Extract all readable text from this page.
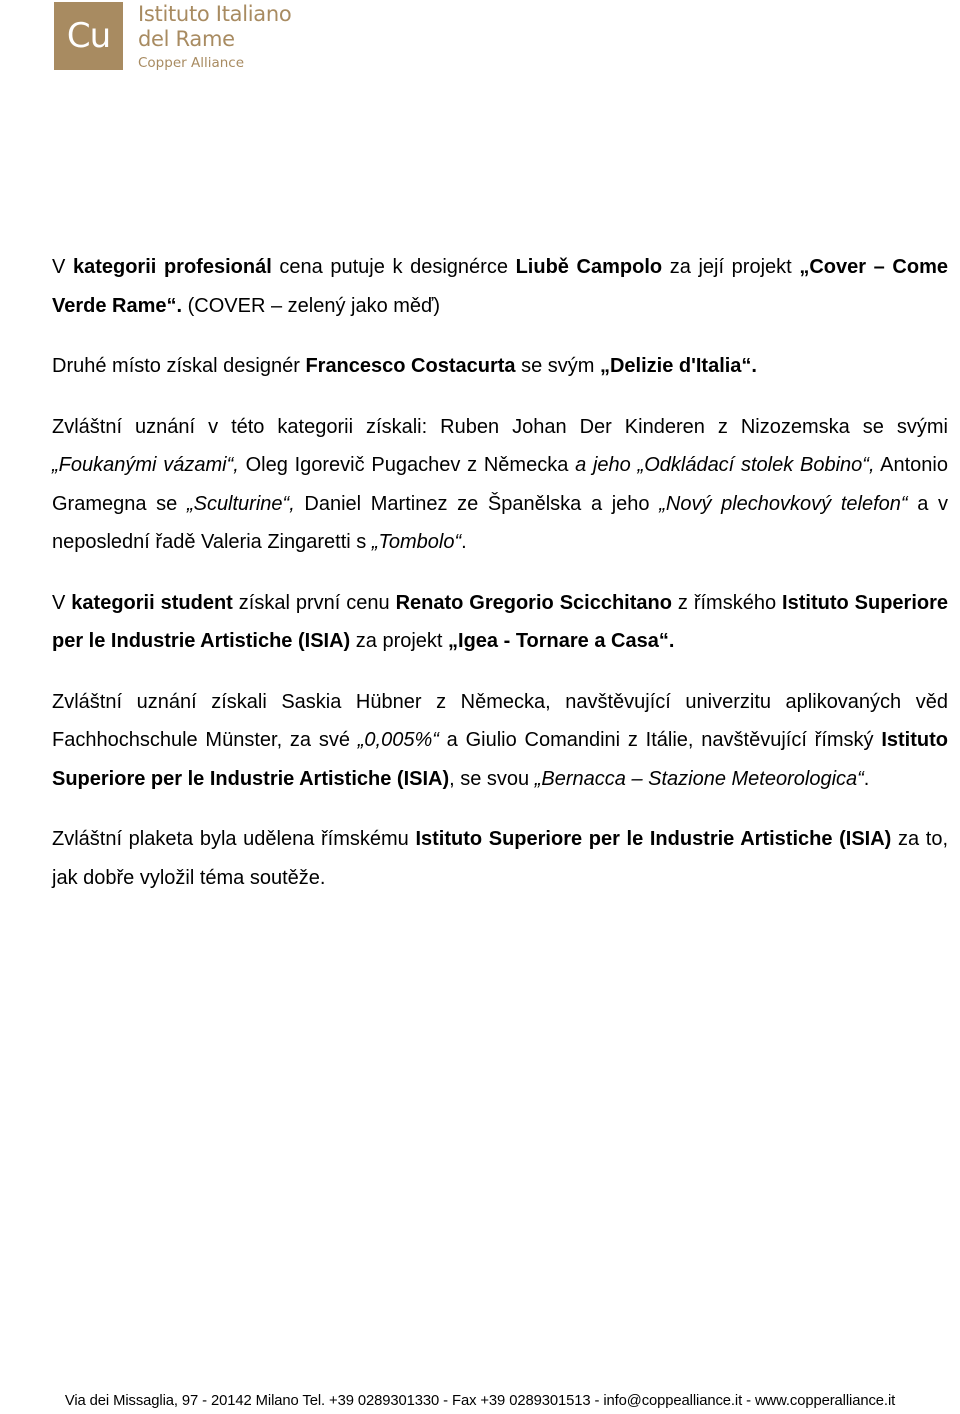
Cu
Istituto Italiano
del Rame
Copper Alliance

V kategorii profesionál cena putuje k designérce Liubě Campolo za její projekt „Cover – Come Verde Rame“. (COVER – zelený jako měď)

Druhé místo získal designér Francesco Costacurta se svým „Delizie d'Italia“.

Zvláštní uznání v této kategorii získali: Ruben Johan Der Kinderen z Nizozemska se svými „Foukanými vázami“, Oleg Igorevič Pugachev z Německa a jeho „Odkládací stolek Bobino“, Antonio Gramegna se „Sculturine“, Daniel Martinez ze Španělska a jeho „Nový plechovkový telefon“ a v neposlední řadě Valeria Zingaretti s „Tombolo“.

V kategorii student získal první cenu Renato Gregorio Scicchitano z římského Istituto Superiore per le Industrie Artistiche (ISIA) za projekt „Igea - Tornare a Casa“.

Zvláštní uznání získali Saskia Hübner z Německa, navštěvující univerzitu aplikovaných věd Fachhochschule Münster, za své „0,005%“ a Giulio Comandini z Itálie, navštěvující římský Istituto Superiore per le Industrie Artistiche (ISIA), se svou „Bernacca – Stazione Meteorologica“.

Zvláštní plaketa byla udělena římskému Istituto Superiore per le Industrie Artistiche (ISIA) za to, jak dobře vyložil téma soutěže.

Via dei Missaglia, 97 - 20142 Milano Tel. +39 0289301330 - Fax +39 0289301513 - info@coppealliance.it - www.copperalliance.it
